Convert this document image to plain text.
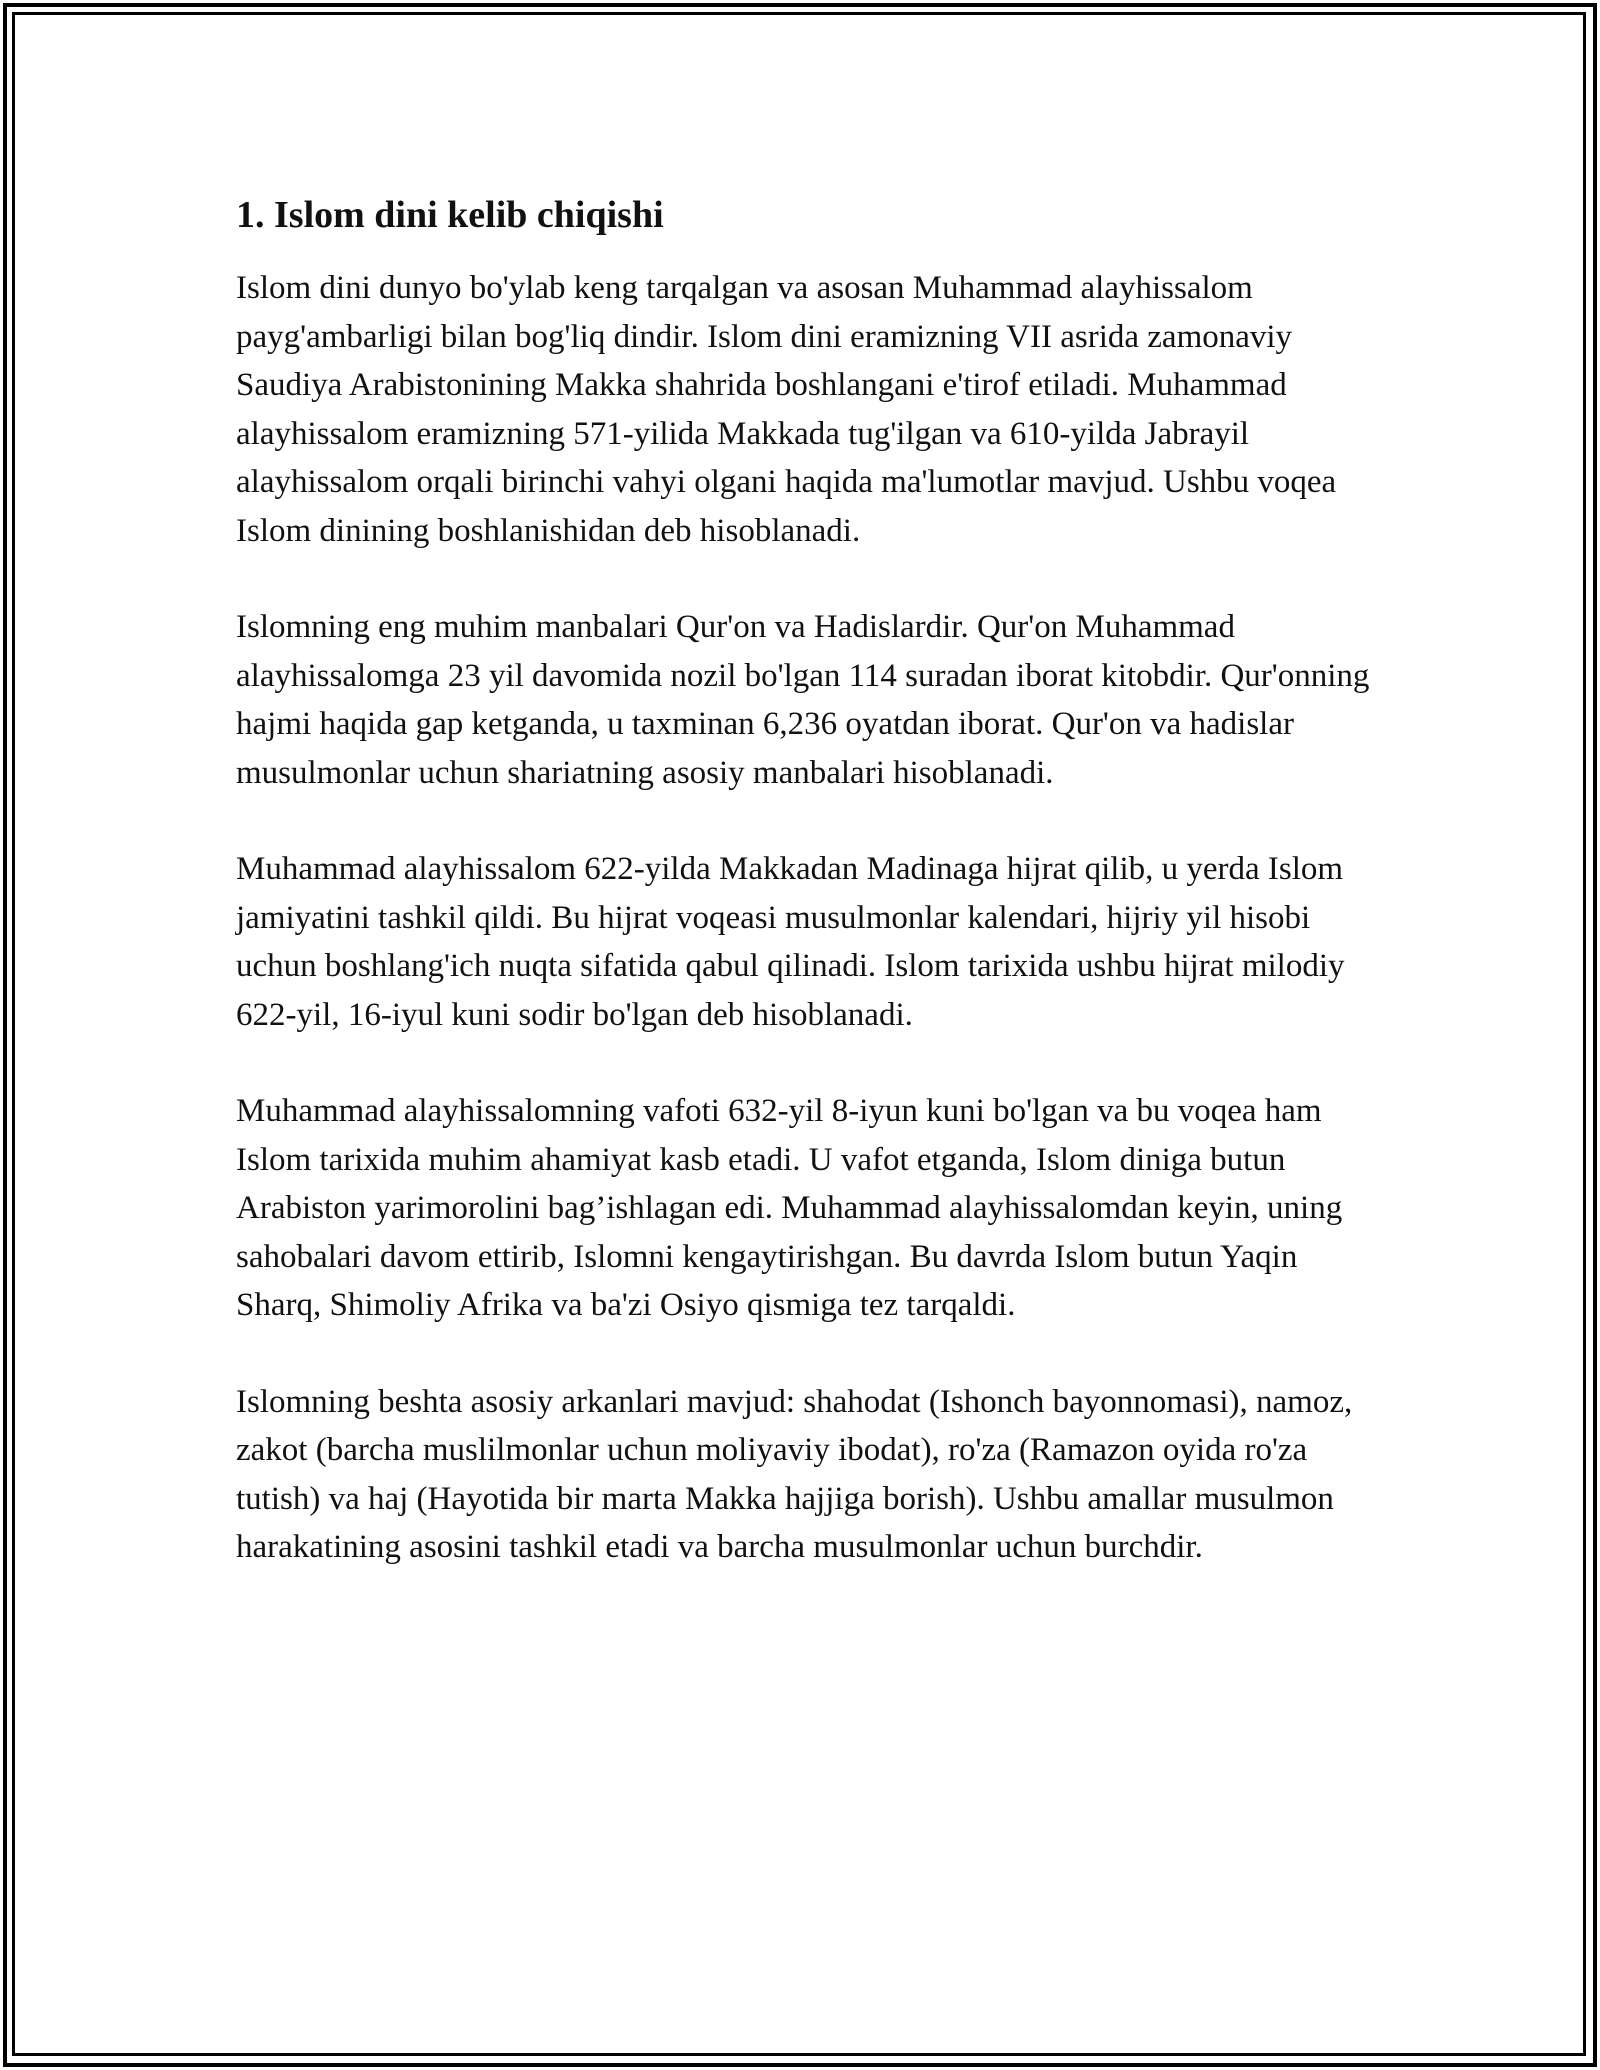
1. Islom dini kelib chiqishi

Islom dini dunyo bo'ylab keng tarqalgan va asosan Muhammad alayhissalom payg'ambarligi bilan bog'liq dindir. Islom dini eramizning VII asrida zamonaviy Saudiya Arabistonining Makka shahrida boshlangani e'tirof etiladi. Muhammad alayhissalom eramizning 571-yilida Makkada tug'ilgan va 610-yilda Jabrayil alayhissalom orqali birinchi vahyi olgani haqida ma'lumotlar mavjud. Ushbu voqea Islom dinining boshlanishidan deb hisoblanadi.

Islomning eng muhim manbalari Qur'on va Hadislardir. Qur'on Muhammad alayhissalomga 23 yil davomida nozil bo'lgan 114 suradan iborat kitobdir. Qur'onning hajmi haqida gap ketganda, u taxminan 6,236 oyatdan iborat. Qur'on va hadislar musulmonlar uchun shariatning asosiy manbalari hisoblanadi.

Muhammad alayhissalom 622-yilda Makkadan Madinaga hijrat qilib, u yerda Islom jamiyatini tashkil qildi. Bu hijrat voqeasi musulmonlar kalendari, hijriy yil hisobi uchun boshlang'ich nuqta sifatida qabul qilinadi. Islom tarixida ushbu hijrat milodiy 622-yil, 16-iyul kuni sodir bo'lgan deb hisoblanadi.

Muhammad alayhissalomning vafoti 632-yil 8-iyun kuni bo'lgan va bu voqea ham Islom tarixida muhim ahamiyat kasb etadi. U vafot etganda, Islom diniga butun Arabiston yarimorolini bag’ishlagan edi. Muhammad alayhissalomdan keyin, uning sahobalari davom ettirib, Islomni kengaytirishgan. Bu davrda Islom butun Yaqin Sharq, Shimoliy Afrika va ba'zi Osiyo qismiga tez tarqaldi.

Islomning beshta asosiy arkanlari mavjud: shahodat (Ishonch bayonnomasi), namoz, zakot (barcha muslilmonlar uchun moliyaviy ibodat), ro'za (Ramazon oyida ro'za tutish) va haj (Hayotida bir marta Makka hajjiga borish). Ushbu amallar musulmon harakatining asosini tashkil etadi va barcha musulmonlar uchun burchdir.
